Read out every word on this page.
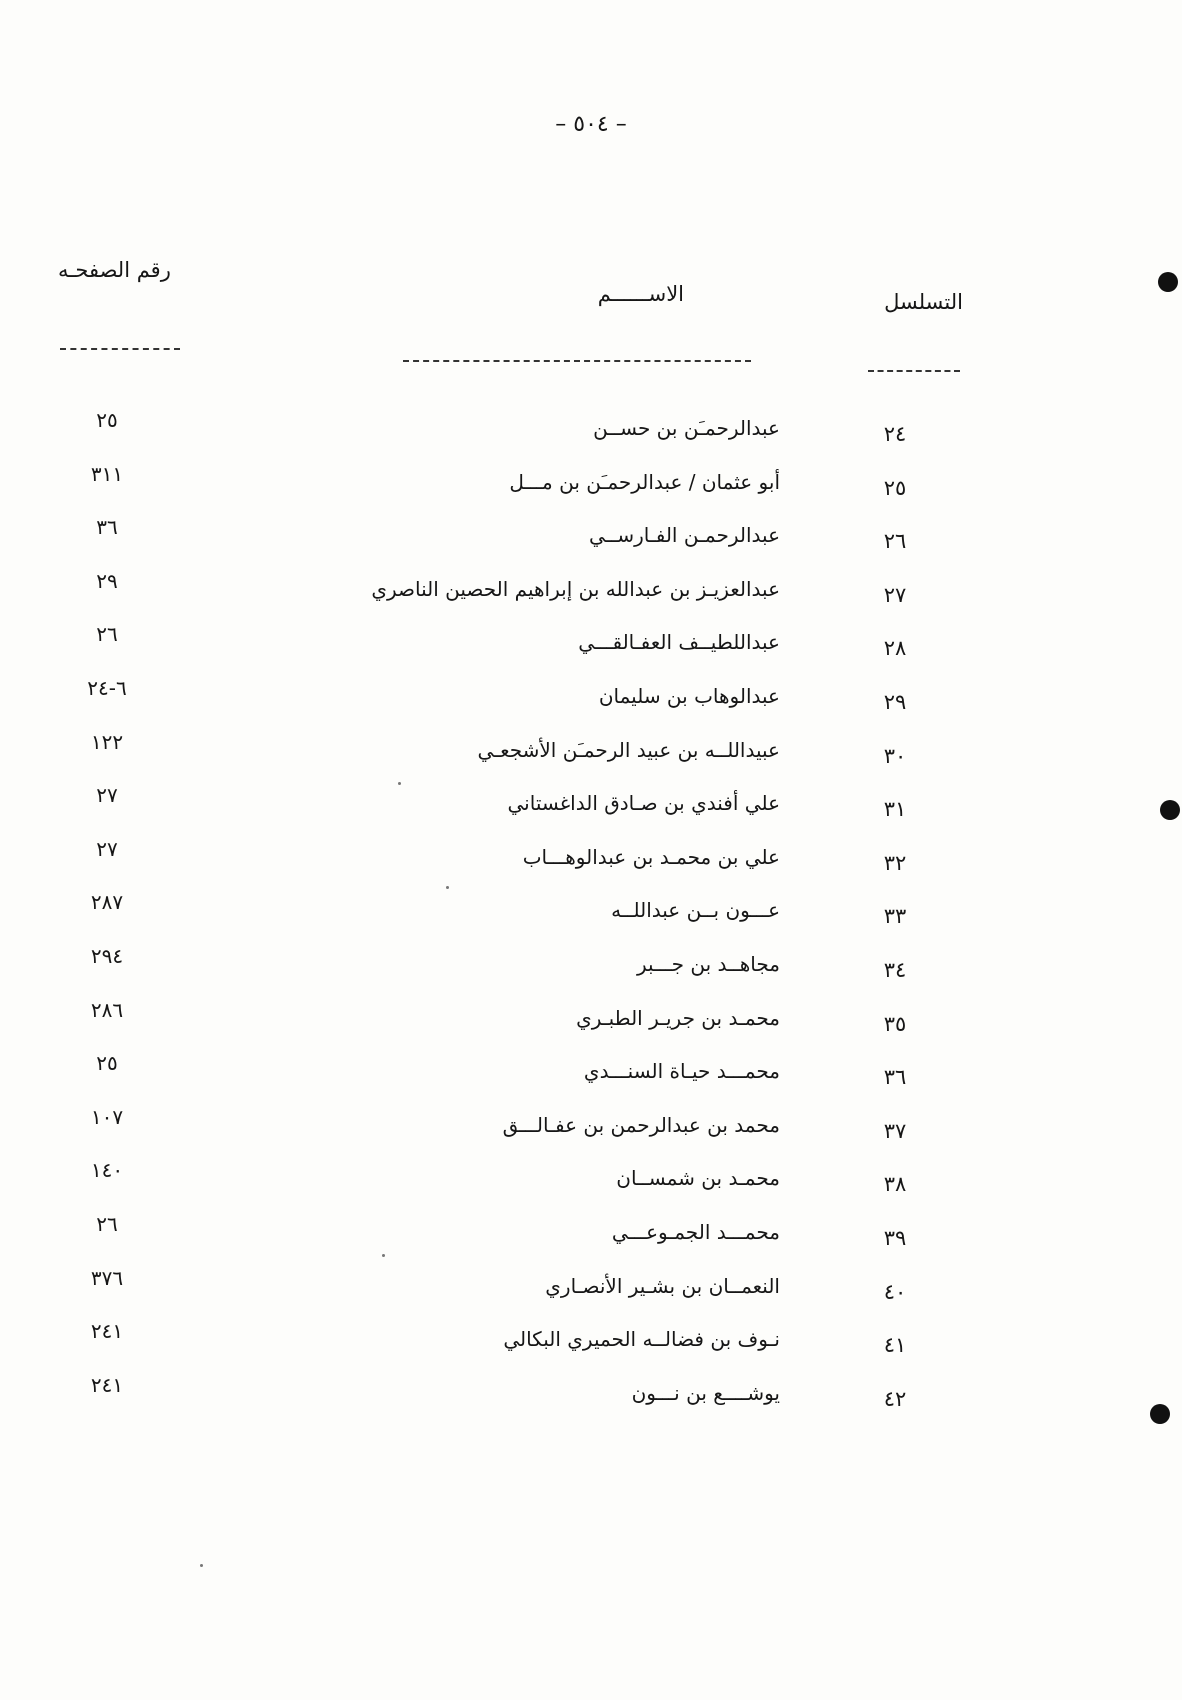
– ٥٠٤ –
التسلسل
الاســــــم
رقم الصفحـه
٢٤
عبدالرحمـَن بن حســن
٢٥
٢٥
أبو عثمان / عبدالرحمـَن بن مـــل
٣١١
٢٦
عبدالرحمـن الفـارســي
٣٦
٢٧
عبدالعزيـز بن عبدالله بن إبراهيم الحصين الناصري
٢٩
٢٨
عبداللطيــف العفـالقـــي
٢٦
٢٩
عبدالوهاب بن سليمان
٦-٢٤
٣٠
عبيداللــه بن عبيد الرحمـَن الأشجعـي
١٢٢
٣١
علي أفندي بن صـادق الداغستاني
٢٧
٣٢
علي بن محمـد بن عبدالوهـــاب
٢٧
٣٣
عـــون بــن عبداللــه
٢٨٧
٣٤
مجاهــد بن جـــبر
٢٩٤
٣٥
محمـد بن جريـر الطبـري
٢٨٦
٣٦
محمـــد حيـاة السنـــدي
٢٥
٣٧
محمد بن عبدالرحمن بن عفـالـــق
١٠٧
٣٨
محمـد بن شمســان
١٤٠
٣٩
محمـــد الجمـوعـــي
٢٦
٤٠
النعمــان بن بشـير الأنصـاري
٣٧٦
٤١
نـوف بن فضالــه الحميري البكالي
٢٤١
٤٢
يوشــــع بن نـــون
٢٤١
